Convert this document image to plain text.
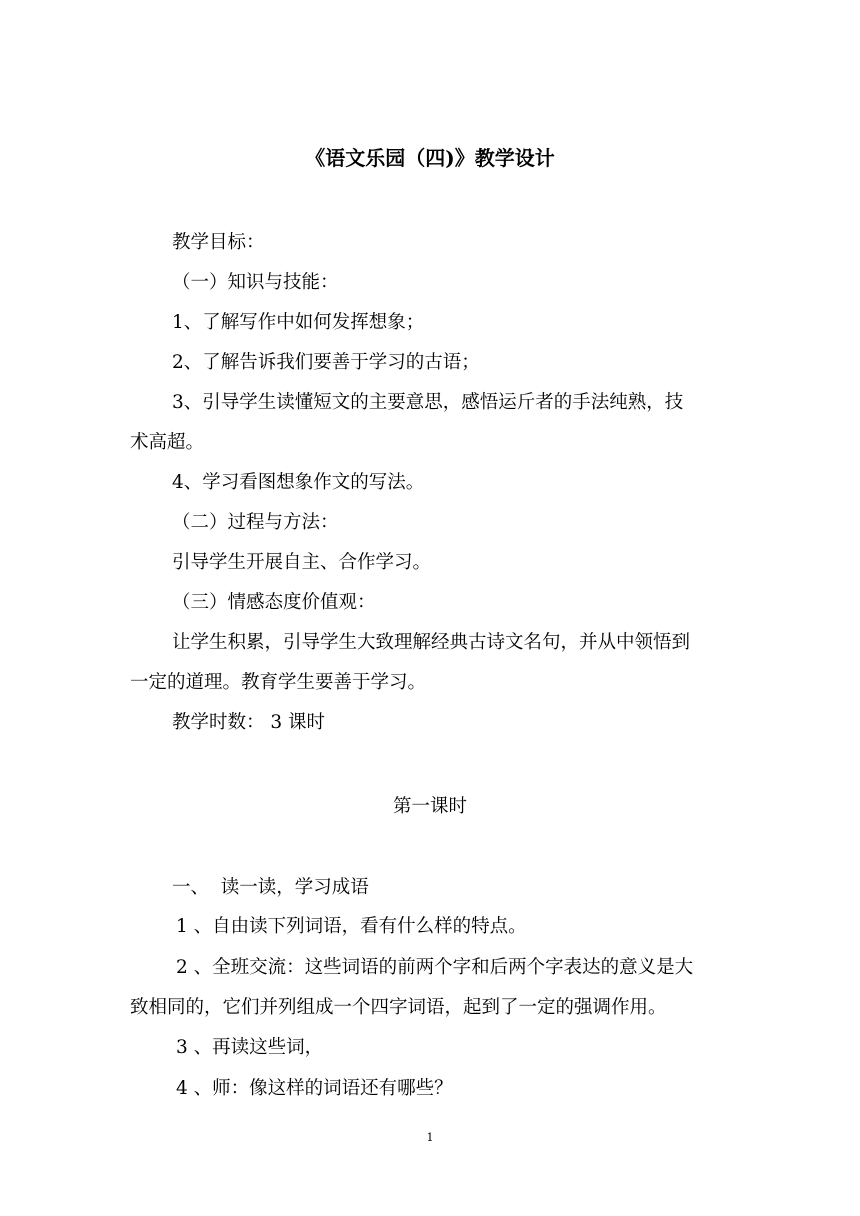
《语文乐园（四)》教学设计
教学目标：
（一）知识与技能：
1、了解写作中如何发挥想象；
2、了解告诉我们要善于学习的古语；
3、引导学生读懂短文的主要意思，感悟运斤者的手法纯熟，技
术高超。
4、学习看图想象作文的写法。
（二）过程与方法：
引导学生开展自主、合作学习。
（三）情感态度价值观：
让学生积累，引导学生大致理解经典古诗文名句，并从中领悟到
一定的道理。教育学生要善于学习。
教学时数： 3 课时
第一课时
一、  读一读，学习成语
1 、自由读下列词语，看有什么样的特点。
2 、全班交流：这些词语的前两个字和后两个字表达的意义是大
致相同的，它们并列组成一个四字词语，起到了一定的强调作用。
3 、再读这些词，
4 、师：像这样的词语还有哪些？
1
